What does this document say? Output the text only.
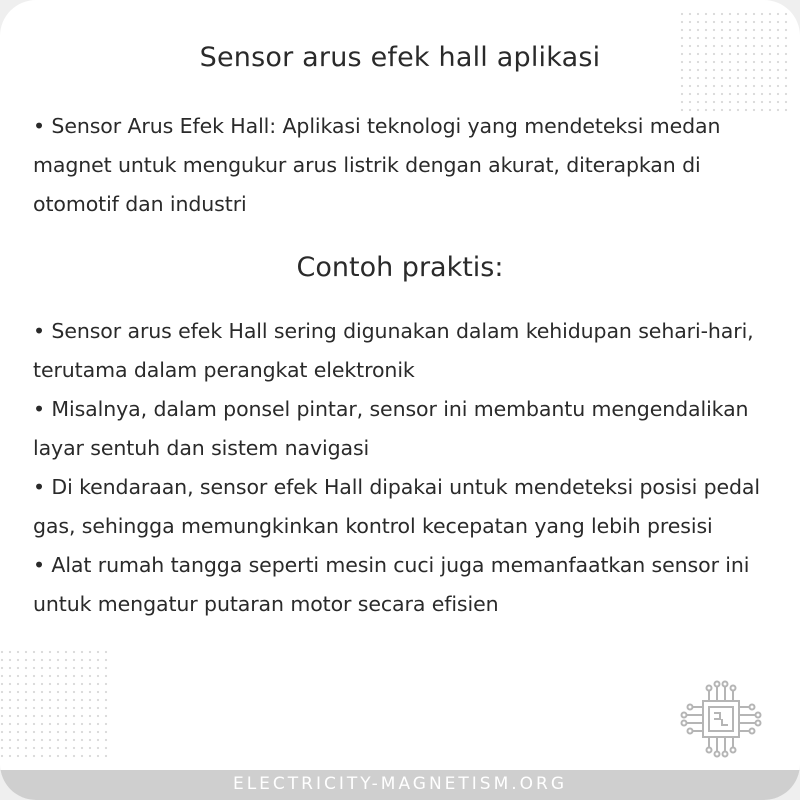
Sensor arus efek hall aplikasi

• Sensor Arus Efek Hall: Aplikasi teknologi yang mendeteksi medan magnet untuk mengukur arus listrik dengan akurat, diterapkan di otomotif dan industri

Contoh praktis:
• Sensor arus efek Hall sering digunakan dalam kehidupan sehari-hari, terutama dalam perangkat elektronik
• Misalnya, dalam ponsel pintar, sensor ini membantu mengendalikan layar sentuh dan sistem navigasi
• Di kendaraan, sensor efek Hall dipakai untuk mendeteksi posisi pedal gas, sehingga memungkinkan kontrol kecepatan yang lebih presisi
• Alat rumah tangga seperti mesin cuci juga memanfaatkan sensor ini untuk mengatur putaran motor secara efisien
ELECTRICITY-MAGNETISM.ORG
